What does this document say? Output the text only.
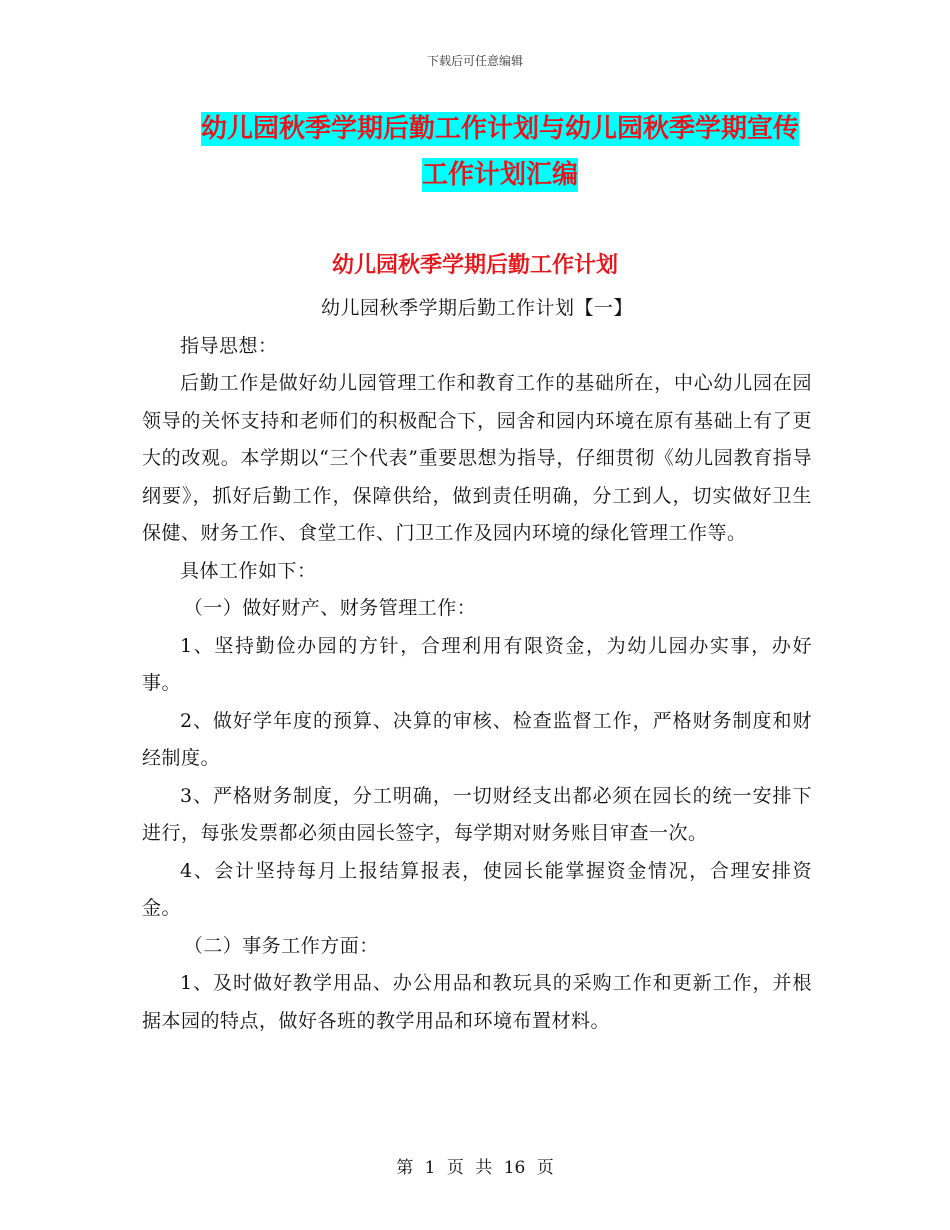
下载后可任意编辑
幼儿园秋季学期后勤工作计划与幼儿园秋季学期宣传
工作计划汇编
幼儿园秋季学期后勤工作计划

幼儿园秋季学期后勤工作计划【一】

指导思想：

后勤工作是做好幼儿园管理工作和教育工作的基础所在，中心幼儿园在园领导的关怀支持和老师们的积极配合下，园舍和园内环境在原有基础上有了更大的改观。本学期以“三个代表”重要思想为指导，仔细贯彻《幼儿园教育指导纲要》，抓好后勤工作，保障供给，做到责任明确，分工到人，切实做好卫生保健、财务工作、食堂工作、门卫工作及园内环境的绿化管理工作等。

具体工作如下：

（一）做好财产、财务管理工作：

1、坚持勤俭办园的方针，合理利用有限资金，为幼儿园办实事，办好事。

2、做好学年度的预算、决算的审核、检查监督工作，严格财务制度和财经制度。

3、严格财务制度，分工明确，一切财经支出都必须在园长的统一安排下进行，每张发票都必须由园长签字，每学期对财务账目审查一次。

4、会计坚持每月上报结算报表，使园长能掌握资金情况，合理安排资金。

（二）事务工作方面：

1、及时做好教学用品、办公用品和教玩具的采购工作和更新工作，并根据本园的特点，做好各班的教学用品和环境布置材料。

第 1 页 共 16 页
